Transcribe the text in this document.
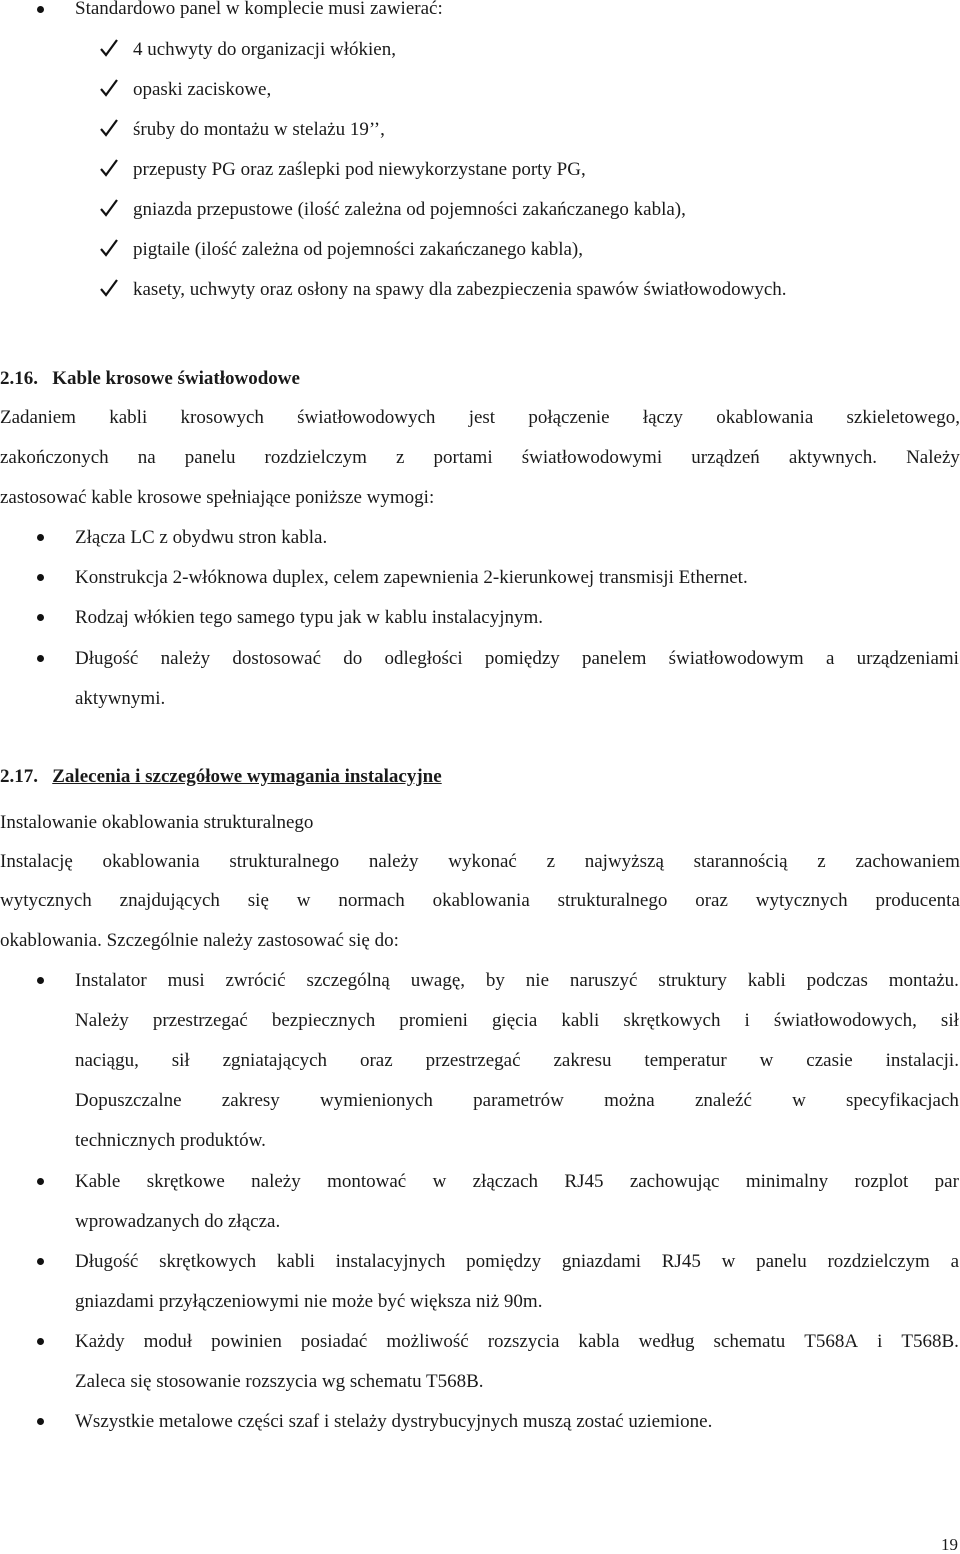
Standardowo panel w komplecie musi zawierać:
4 uchwyty do organizacji włókien,
opaski zaciskowe,
śruby do montażu w stelażu 19’’,
przepusty PG oraz zaślepki pod niewykorzystane porty PG,
gniazda przepustowe (ilość zależna od pojemności zakańczanego kabla),
pigtaile (ilość zależna od pojemności zakańczanego kabla),
kasety, uchwyty oraz osłony na spawy dla zabezpieczenia spawów światłowodowych.
2.16. Kable krosowe światłowodowe
Zadaniem kabli krosowych światłowodowych jest połączenie łączy okablowania szkieletowego,
zakończonych na panelu rozdzielczym z portami światłowodowymi urządzeń aktywnych. Należy
zastosować kable krosowe spełniające poniższe wymogi:
Złącza LC z obydwu stron kabla.
Konstrukcja 2-włóknowa duplex, celem zapewnienia 2-kierunkowej transmisji Ethernet.
Rodzaj włókien tego samego typu jak w kablu instalacyjnym.
Długość należy dostosować do odległości pomiędzy panelem światłowodowym a urządzeniami
aktywnymi.
2.17. Zalecenia i szczegółowe wymagania instalacyjne
Instalowanie okablowania strukturalnego
Instalację okablowania strukturalnego należy wykonać z najwyższą starannością z zachowaniem
wytycznych znajdujących się w normach okablowania strukturalnego oraz wytycznych producenta
okablowania. Szczególnie należy zastosować się do:
Instalator musi zwrócić szczególną uwagę, by nie naruszyć struktury kabli podczas montażu.
Należy przestrzegać bezpiecznych promieni gięcia kabli skrętkowych i światłowodowych, sił
naciągu, sił zgniatających oraz przestrzegać zakresu temperatur w czasie instalacji.
Dopuszczalne zakresy wymienionych parametrów można znaleźć w specyfikacjach
technicznych produktów.
Kable skrętkowe należy montować w złączach RJ45 zachowując minimalny rozplot par
wprowadzanych do złącza.
Długość skrętkowych kabli instalacyjnych pomiędzy gniazdami RJ45 w panelu rozdzielczym a
gniazdami przyłączeniowymi nie może być większa niż 90m.
Każdy moduł powinien posiadać możliwość rozszycia kabla według schematu T568A i T568B.
Zaleca się stosowanie rozszycia wg schematu T568B.
Wszystkie metalowe części szaf i stelaży dystrybucyjnych muszą zostać uziemione.
19
